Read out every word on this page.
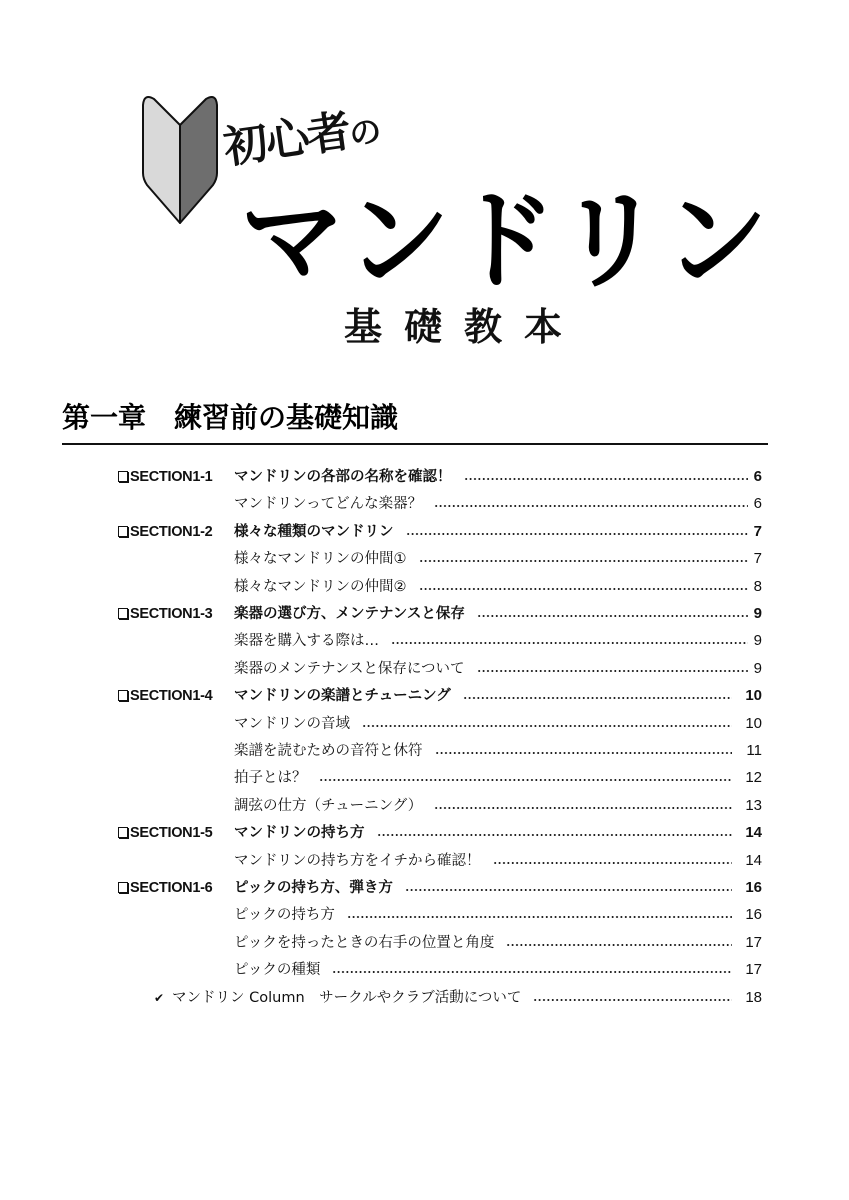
初心者の
マンドリン
基礎教本
第一章　練習前の基礎知識
SECTION1-1	マンドリンの各部の名称を確認！	6
マンドリンってどんな楽器？	6
SECTION1-2	様々な種類のマンドリン	7
様々なマンドリンの仲間①	7
様々なマンドリンの仲間②	8
SECTION1-3	楽器の選び方、メンテナンスと保存	9
楽器を購入する際は…	9
楽器のメンテナンスと保存について	9
SECTION1-4	マンドリンの楽譜とチューニング	10
マンドリンの音域	10
楽譜を読むための音符と休符	11
拍子とは？	12
調弦の仕方（チューニング）	13
SECTION1-5	マンドリンの持ち方	14
マンドリンの持ち方をイチから確認！	14
SECTION1-6	ピックの持ち方、弾き方	16
ピックの持ち方	16
ピックを持ったときの右手の位置と角度	17
ピックの種類	17
✔ マンドリン Column　サークルやクラブ活動について	18
